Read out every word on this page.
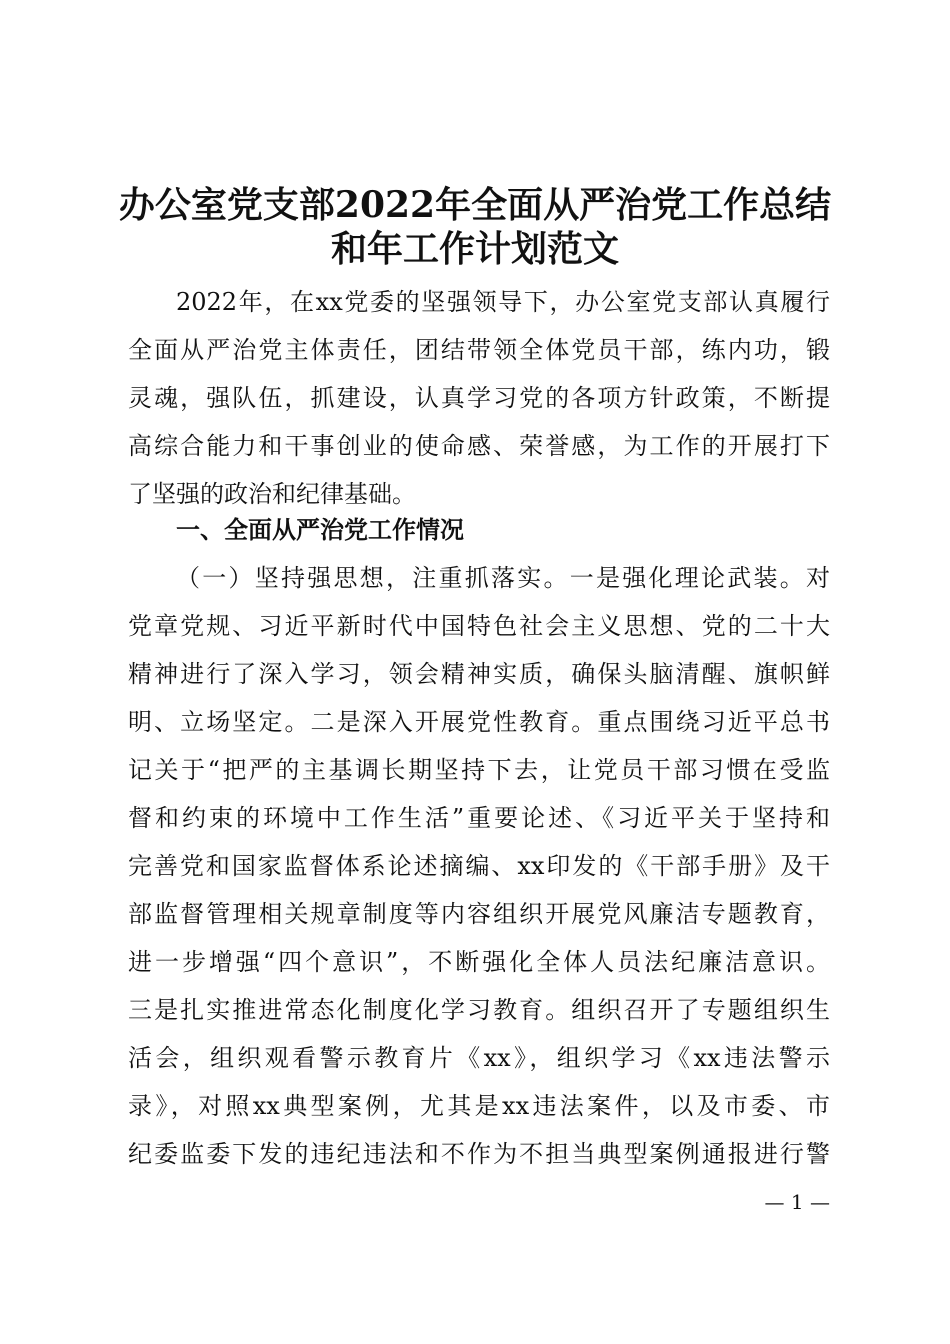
办公室党支部2022年全面从严治党工作总结
和年工作计划范文
2022年，在xx党委的坚强领导下，办公室党支部认真履行
全面从严治党主体责任，团结带领全体党员干部，练内功，锻
灵魂，强队伍，抓建设，认真学习党的各项方针政策，不断提
高综合能力和干事创业的使命感、荣誉感，为工作的开展打下
了坚强的政治和纪律基础。
一、全面从严治党工作情况
（一）坚持强思想，注重抓落实。一是强化理论武装。对
党章党规、习近平新时代中国特色社会主义思想、党的二十大
精神进行了深入学习，领会精神实质，确保头脑清醒、旗帜鲜
明、立场坚定。二是深入开展党性教育。重点围绕习近平总书
记关于“把严的主基调长期坚持下去，让党员干部习惯在受监
督和约束的环境中工作生活”重要论述、《习近平关于坚持和
完善党和国家监督体系论述摘编、xx印发的《干部手册》及干
部监督管理相关规章制度等内容组织开展党风廉洁专题教育，
进一步增强“四个意识”，不断强化全体人员法纪廉洁意识。
三是扎实推进常态化制度化学习教育。组织召开了专题组织生
活会，组织观看警示教育片《xx》，组织学习《xx违法警示
录》，对照xx典型案例，尤其是xx违法案件，以及市委、市
纪委监委下发的违纪违法和不作为不担当典型案例通报进行警
— 1 —
